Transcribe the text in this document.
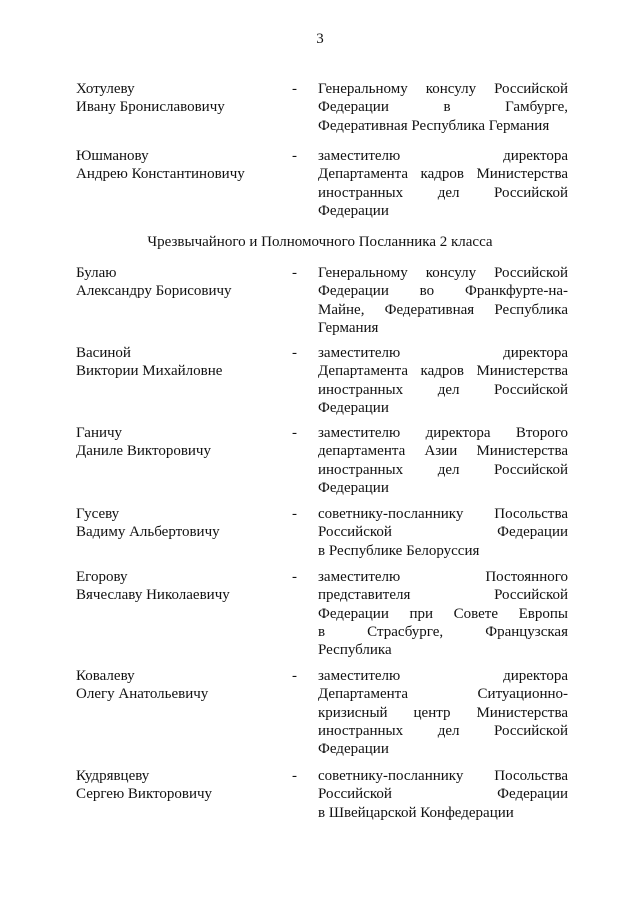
3
Хотулеву
Ивану Брониславовичу
-	Генеральному консулу Российской
Федерации в Гамбурге,
Федеративная Республика Германия
Юшманову
Андрею Константиновичу
-	заместителю директора
Департамента кадров Министерства
иностранных дел Российской
Федерации
Чрезвычайного и Полномочного Посланника 2 класса
Булаю
Александру Борисовичу
-	Генеральному консулу Российской
Федерации во Франкфурте-на-
Майне, Федеративная Республика
Германия
Васиной
Виктории Михайловне
-	заместителю директора
Департамента кадров Министерства
иностранных дел Российской
Федерации
Ганичу
Даниле Викторовичу
-	заместителю директора Второго
департамента Азии Министерства
иностранных дел Российской
Федерации
Гусеву
Вадиму Альбертовичу
-	советнику-посланнику Посольства
Российской Федерации
в Республике Белоруссия
Егорову
Вячеславу Николаевичу
-	заместителю Постоянного
представителя Российской
Федерации при Совете Европы
в Страсбурге, Французская
Республика
Ковалеву
Олегу Анатольевичу
-	заместителю директора
Департамента Ситуационно-
кризисный центр Министерства
иностранных дел Российской
Федерации
Кудрявцеву
Сергею Викторовичу
-	советнику-посланнику Посольства
Российской Федерации
в Швейцарской Конфедерации
